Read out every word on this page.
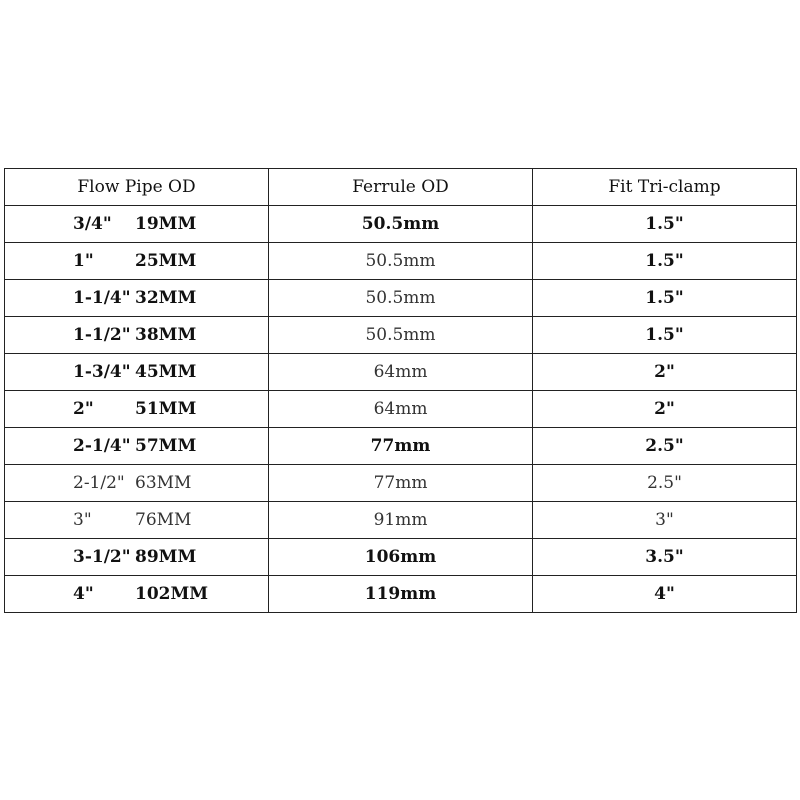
Flow Pipe OD	Ferrule OD	Fit Tri-clamp
3/4" 19MM	50.5mm	1.5"
1" 25MM	50.5mm	1.5"
1-1/4" 32MM	50.5mm	1.5"
1-1/2" 38MM	50.5mm	1.5"
1-3/4" 45MM	64mm	2"
2" 51MM	64mm	2"
2-1/4" 57MM	77mm	2.5"
2-1/2" 63MM	77mm	2.5"
3" 76MM	91mm	3"
3-1/2" 89MM	106mm	3.5"
4" 102MM	119mm	4"
